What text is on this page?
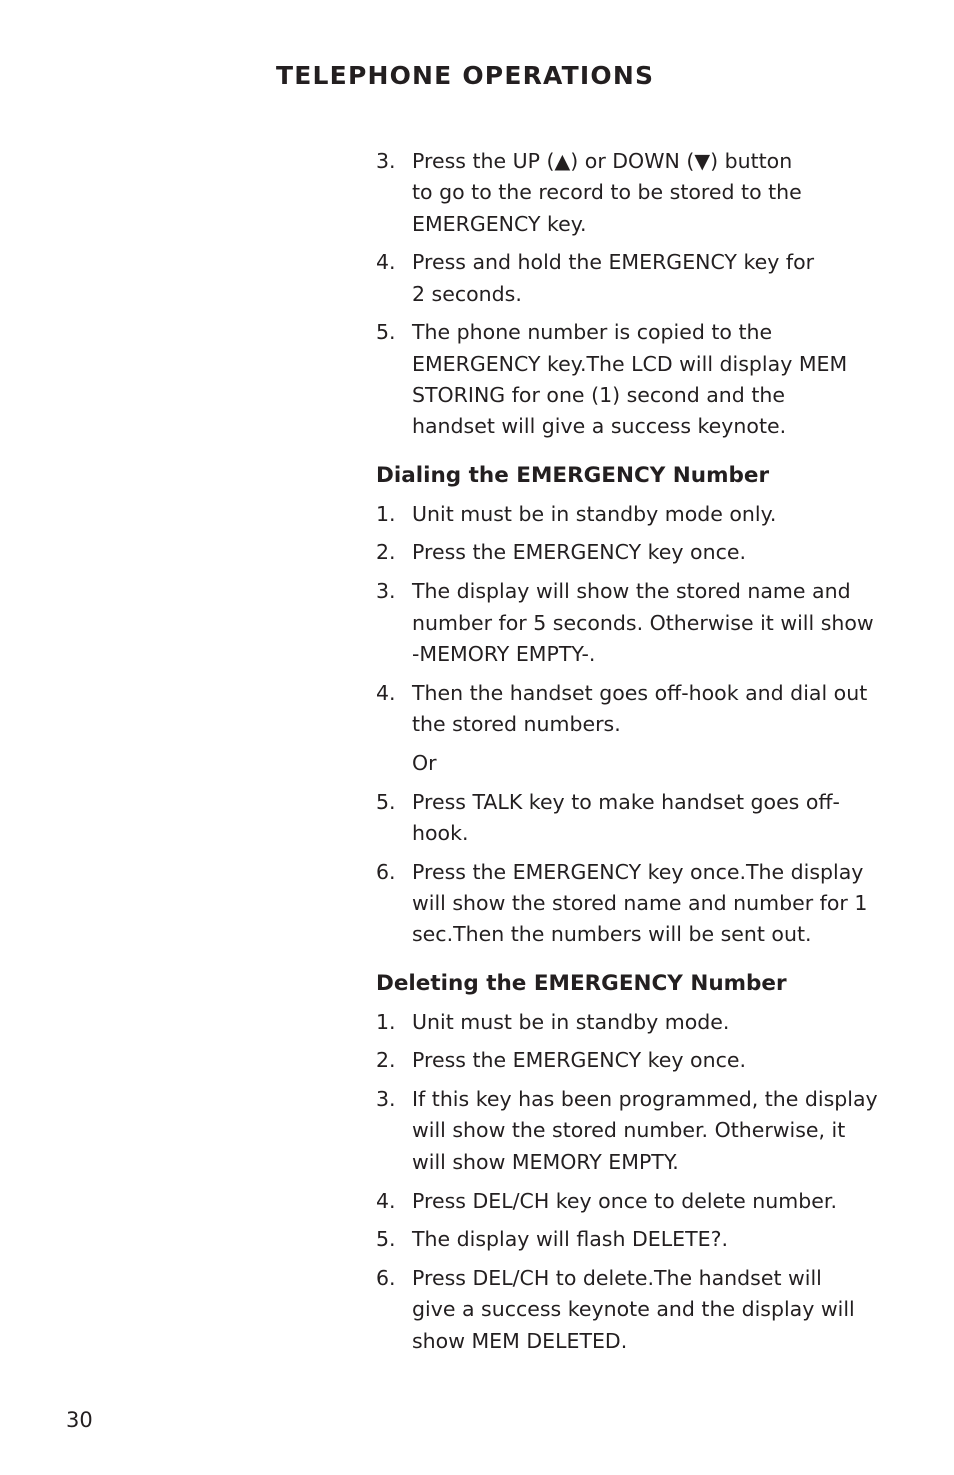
TELEPHONE OPERATIONS
3. Press the UP (▲) or DOWN (▼) button
to go to the record to be stored to the
EMERGENCY key.
4. Press and hold the EMERGENCY key for
2 seconds.
5. The phone number is copied to the
EMERGENCY key.The LCD will display MEM
STORING for one (1) second and the
handset will give a success keynote.
Dialing the EMERGENCY Number
1. Unit must be in standby mode only.
2. Press the EMERGENCY key once.
3. The display will show the stored name and
number for 5 seconds. Otherwise it will show
-MEMORY EMPTY-.
4. Then the handset goes off-hook and dial out
the stored numbers.
Or
5. Press TALK key to make handset goes off-hook.
6. Press the EMERGENCY key once.The display
will show the stored name and number for 1
sec.Then the numbers will be sent out.
Deleting the EMERGENCY Number
1. Unit must be in standby mode.
2. Press the EMERGENCY key once.
3. If this key has been programmed, the display
will show the stored number. Otherwise, it
will show MEMORY EMPTY.
4. Press DEL/CH key once to delete number.
5. The display will flash DELETE?.
6. Press DEL/CH to delete.The handset will
give a success keynote and the display will
show MEM DELETED.
30
